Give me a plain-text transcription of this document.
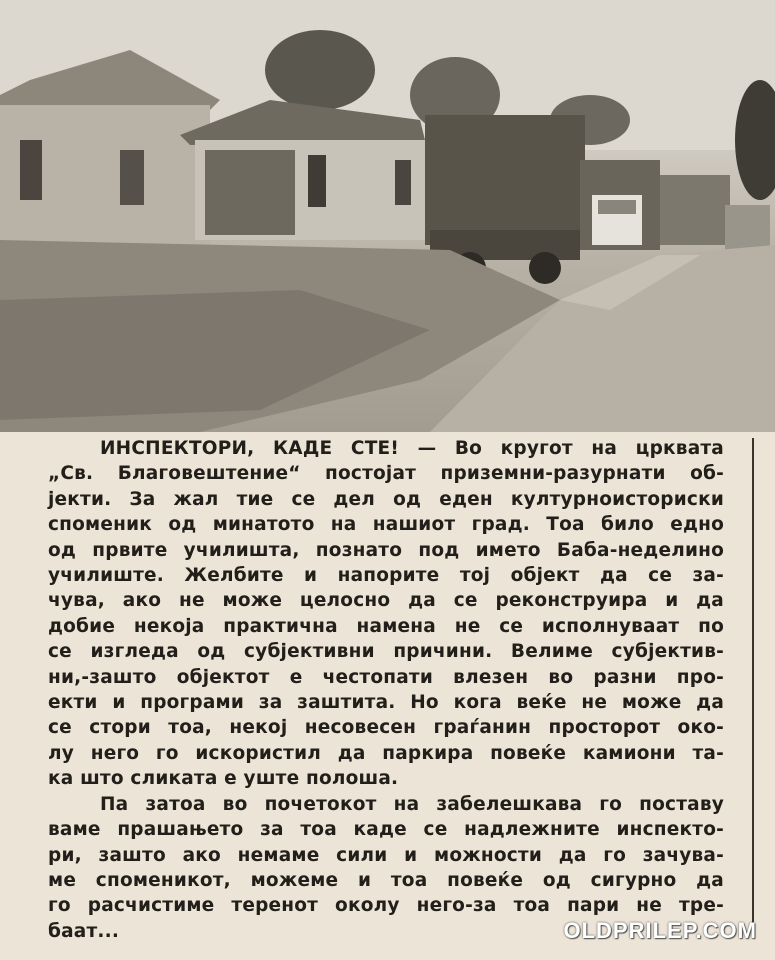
ИНСПЕКТОРИ, КАДЕ СТЕ! — Во кругот на црквата
„Св. Благовештение“ постојат приземни-разурнати об-
јекти. За жал тие се дел од еден културноисториски
споменик од минатото на нашиот град. Тоа било едно
од првите училишта, познато под името Баба-неделино
училиште. Желбите и напорите тој објект да се за-
чува, ако не може целосно да се реконструира и да
добие некоја практична намена не се исполнуваат по
се изгледа од субјективни причини. Велиме субјектив-
ни,-зашто објектот е честопати влезен во разни про-
екти и програми за заштита. Но кога веќе не може да
се стори тоа, некој несовесен граѓанин просторот око-
лу него го искористил да паркира повеќе камиони та-
ка што сликата е уште полоша.

Па затоа во почетокот на забелешкава го поставу
ваме прашањето за тоа каде се надлежните инспекто-
ри, зашто ако немаме сили и можности да го зачува-
ме споменикот, можеме и тоа повеќе од сигурно да
го расчистиме теренот околу него-за тоа пари не тре-
баат...	OLDPRILEP.COM
